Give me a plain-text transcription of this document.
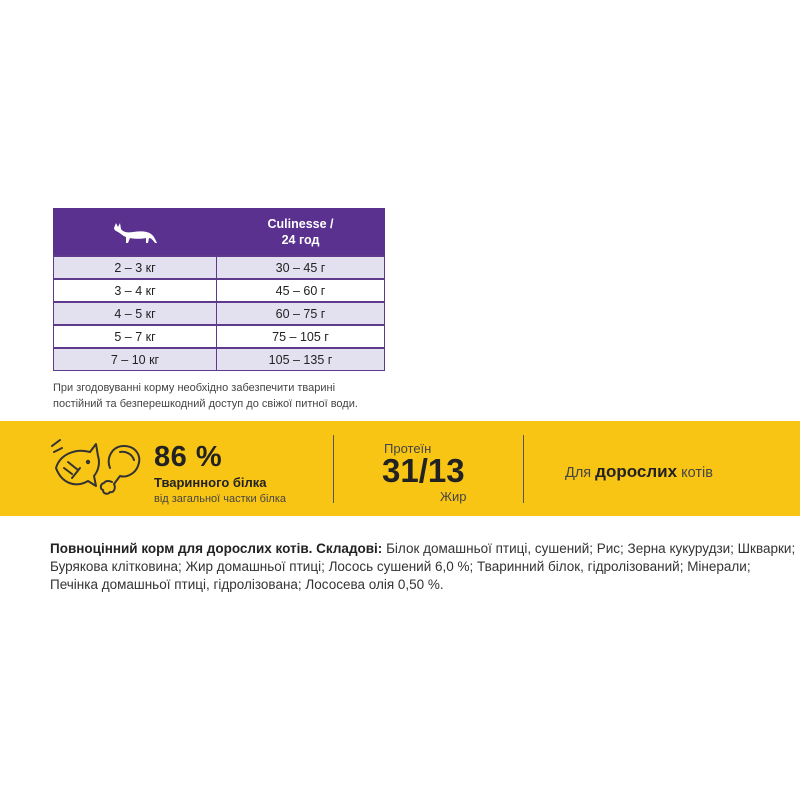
Culinesse /
24 год

2 – 3 кг	30 – 45 г
3 – 4 кг	45 – 60 г
4 – 5 кг	60 – 75 г
5 – 7 кг	75 – 105 г
7 – 10 кг	105 – 135 г
При згодовуванні корму необхідно забезпечити тварині
постійний та безперешкодний доступ до свіжої питної води.
86 %
Тваринного білка
від загальної частки білка
Протеїн
31/13
Жир
Для дорослих котів
Повноцінний корм для дорослих котів. Складові: Білок домашньої птиці, сушений; Рис; Зерна кукурудзи; Шкварки; Бурякова клітковина; Жир домашньої птиці; Лосось сушений 6,0 %; Тваринний білок, гідролізований; Мінерали; Печінка домашньої птиці, гідролізована; Лососева олія 0,50 %.
